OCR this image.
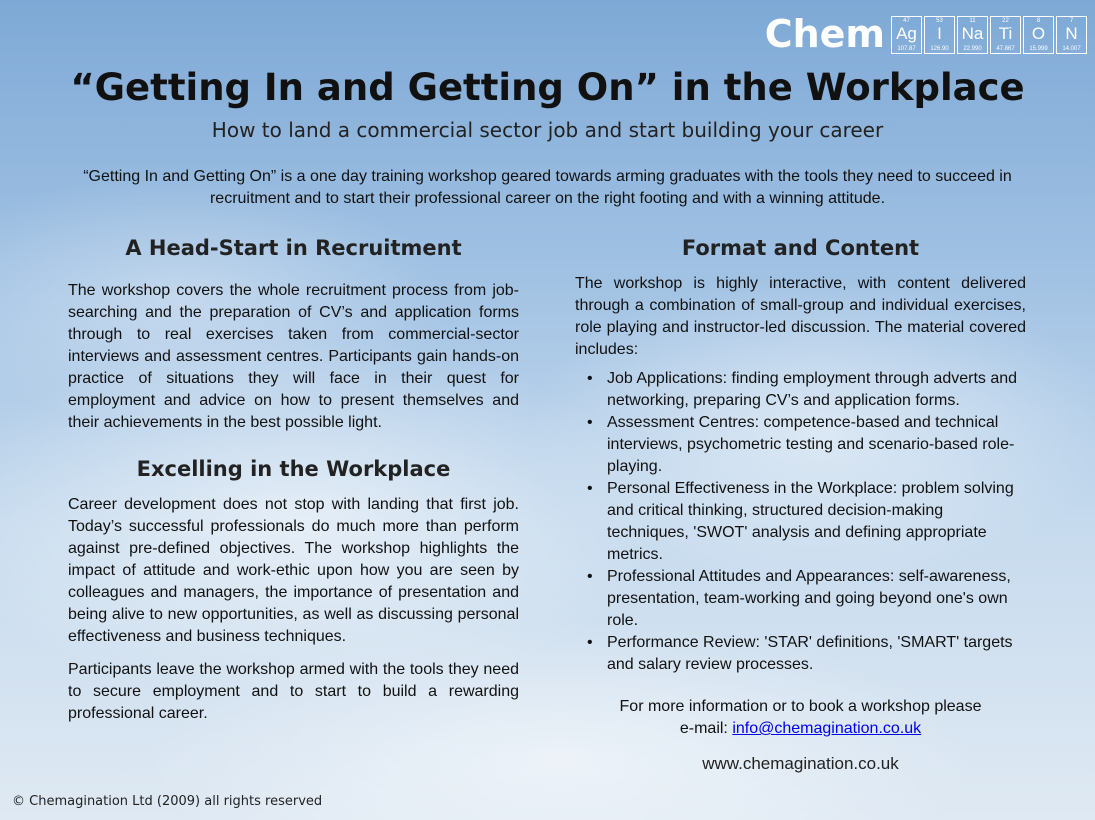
Chem	47
Ag
107.87
53
I
126.90
11
Na
22.990
22
Ti
47.867
8
O
15.999
7
N
14.007
“Getting In and Getting On” in the Workplace
How to land a commercial sector job and start building your career
“Getting In and Getting On” is a one day training workshop geared towards arming graduates with the tools they need to succeed in recruitment and to start their professional career on the right footing and with a winning attitude.
A Head-Start in Recruitment

The workshop covers the whole recruitment process from job-searching and the preparation of CV’s and application forms through to real exercises taken from commercial-sector interviews and assessment centres. Participants gain hands-on practice of situations they will face in their quest for employment and advice on how to present themselves and their achievements in the best possible light.

Excelling in the Workplace

Career development does not stop with landing that first job. Today’s successful professionals do much more than perform against pre-defined objectives. The workshop highlights the impact of attitude and work-ethic upon how you are seen by colleagues and managers, the importance of presentation and being alive to new opportunities, as well as discussing personal effectiveness and business techniques.

Participants leave the workshop armed with the tools they need to secure employment and to start to build a rewarding professional career.

Format and Content

The workshop is highly interactive, with content delivered through a combination of small-group and individual exercises, role playing and instructor-led discussion. The material covered includes:

• Job Applications: finding employment through adverts and networking, preparing CV’s and application forms.
• Assessment Centres: competence-based and technical interviews, psychometric testing and scenario-based role-playing.
• Personal Effectiveness in the Workplace: problem solving and critical thinking, structured decision-making techniques, 'SWOT' analysis and defining appropriate metrics.
• Professional Attitudes and Appearances: self-awareness, presentation, team-working and going beyond one's own role.
• Performance Review: 'STAR' definitions, 'SMART' targets and salary review processes.
For more information or to book a workshop please
e-mail: info@chemagination.co.uk
www.chemagination.co.uk
© Chemagination Ltd (2009) all rights reserved
